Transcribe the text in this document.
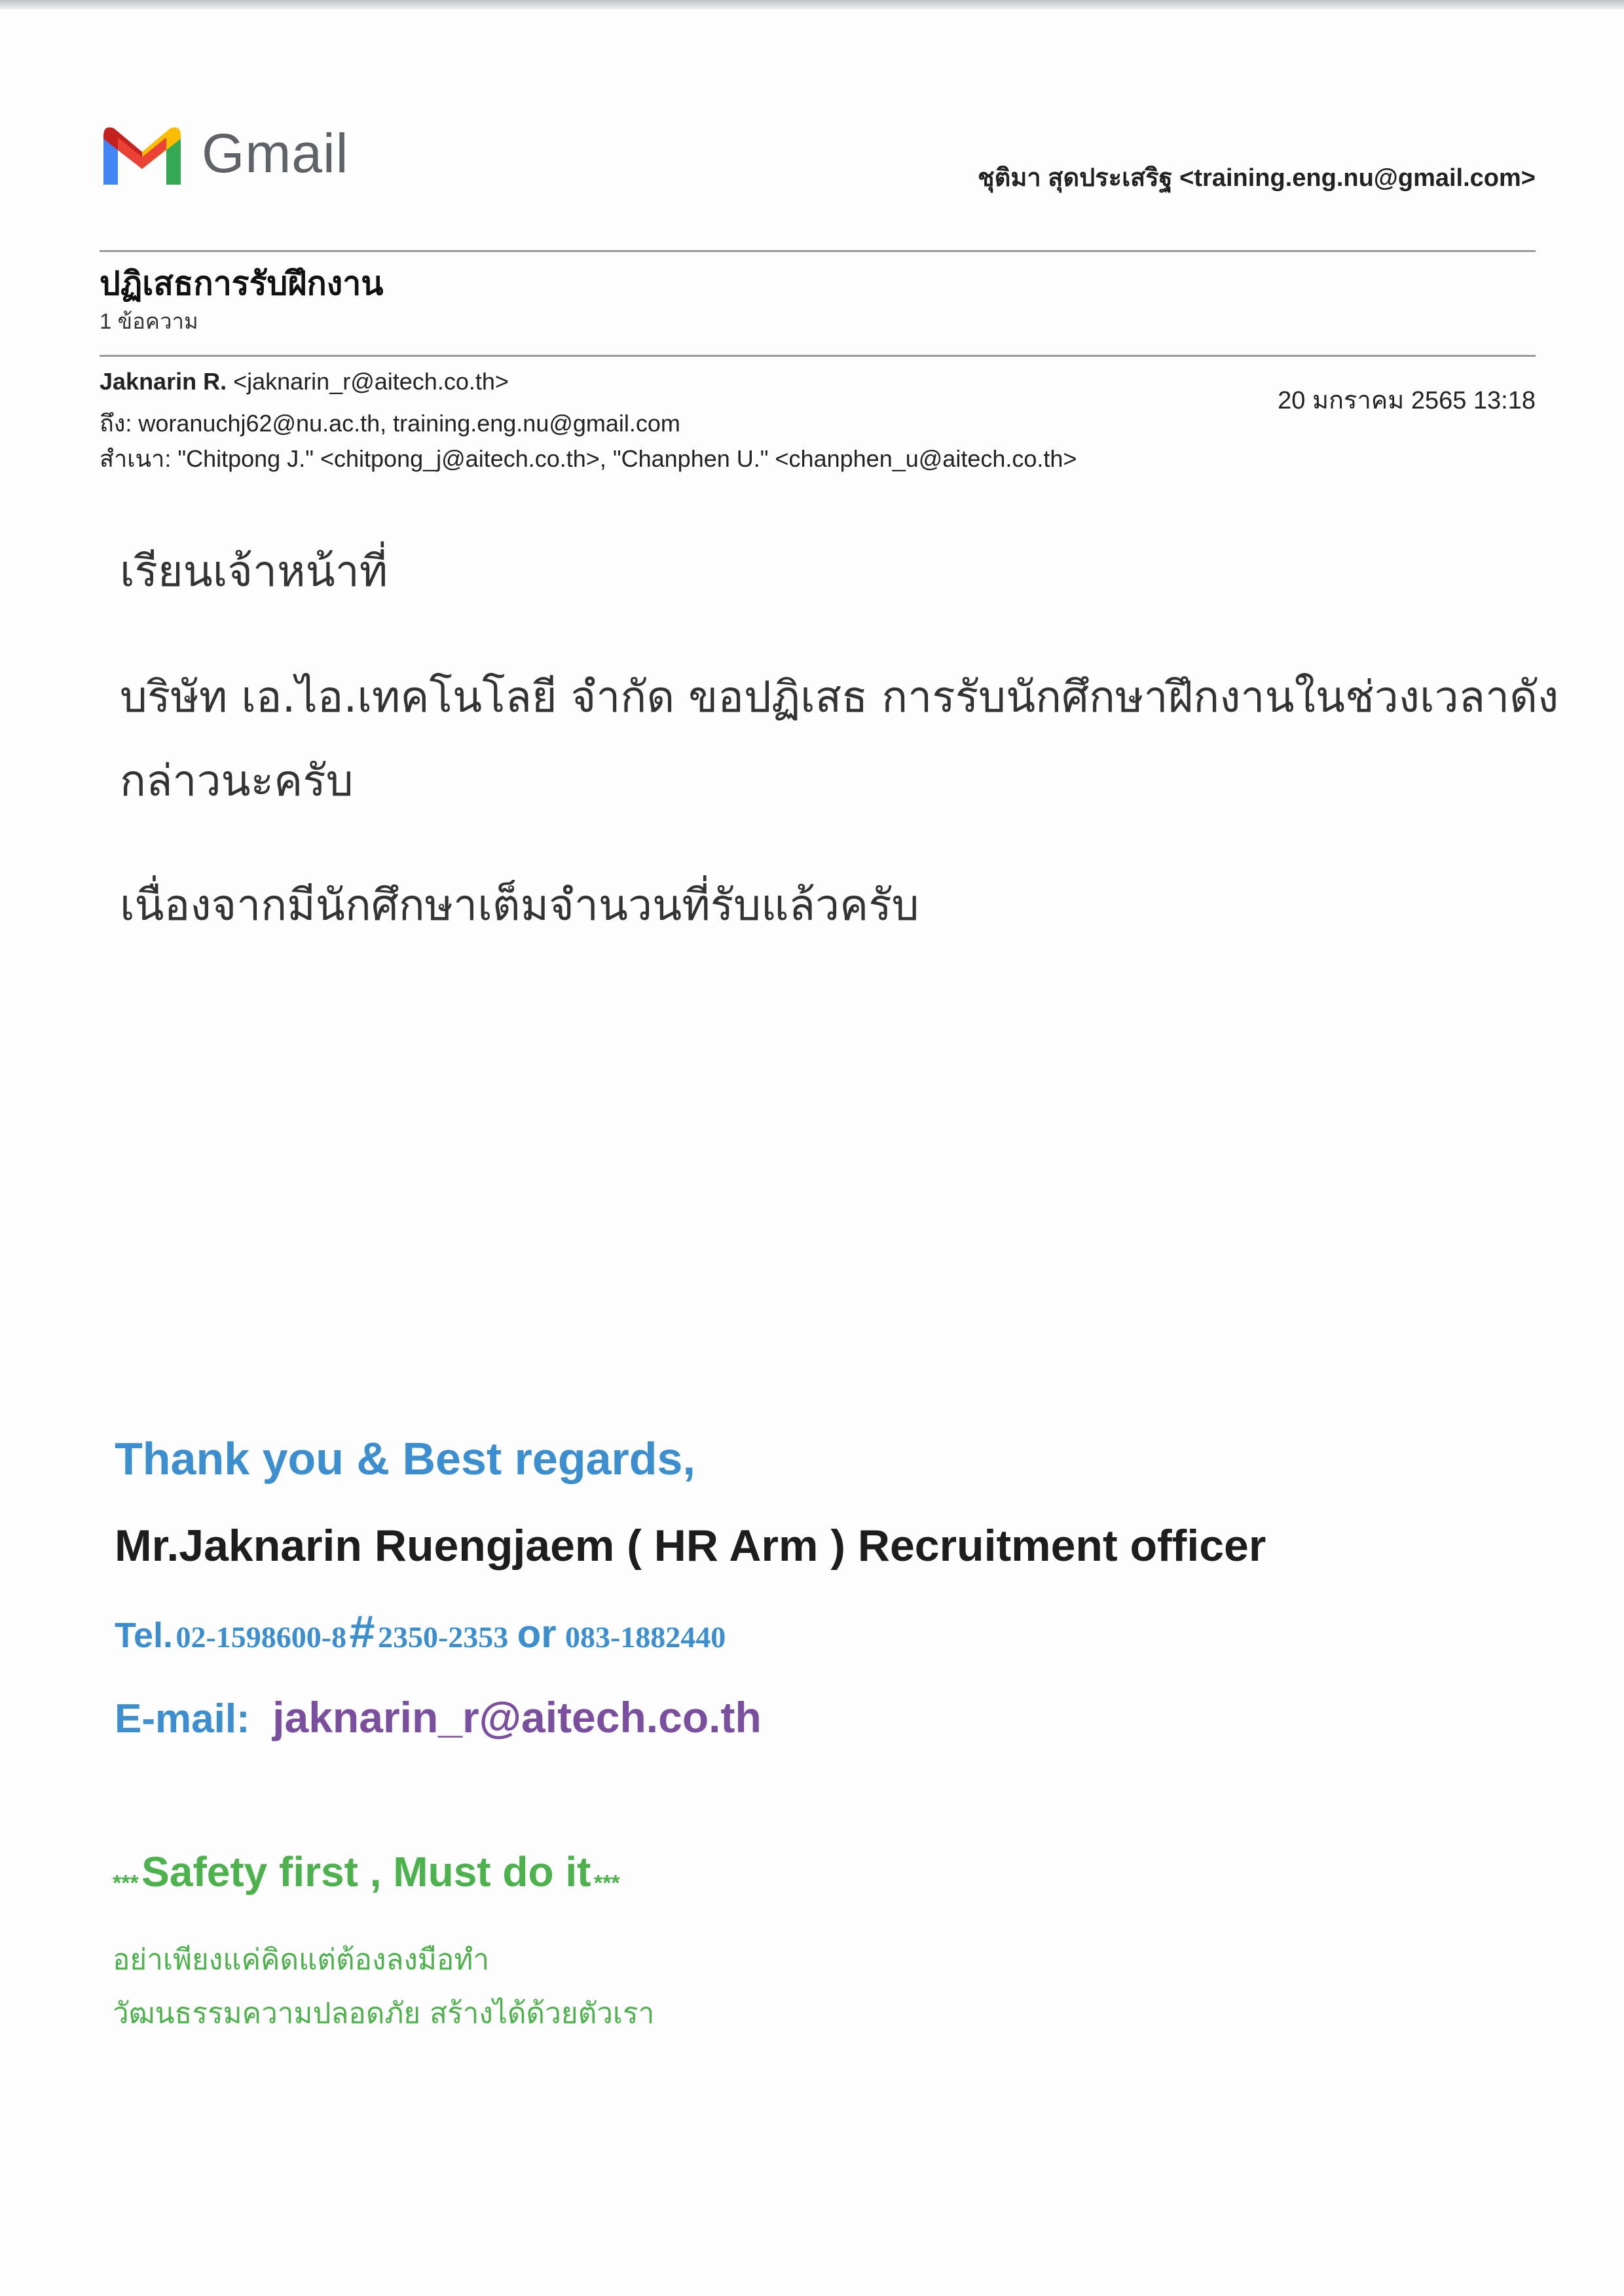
Gmail	ชุติมา สุดประเสริฐ <training.eng.nu@gmail.com>
ปฏิเสธการรับฝึกงาน
1 ข้อความ
Jaknarin R. <jaknarin_r@aitech.co.th>
20 มกราคม 2565 13:18
ถึง: woranuchj62@nu.ac.th, training.eng.nu@gmail.com
สำเนา: "Chitpong J." <chitpong_j@aitech.co.th>, "Chanphen U." <chanphen_u@aitech.co.th>
เรียนเจ้าหน้าที่
บริษัท เอ.ไอ.เทคโนโลยี จำกัด ขอปฏิเสธ การรับนักศึกษาฝึกงานในช่วงเวลาดัง
กล่าวนะครับ
เนื่องจากมีนักศึกษาเต็มจำนวนที่รับแล้วครับ
Thank you & Best regards,
Mr.Jaknarin Ruengjaem ( HR Arm ) Recruitment officer
Tel. 02-1598600-8 # 2350-2353 or 083-1882440
E-mail: jaknarin_r@aitech.co.th
*** Safety first , Must do it ***
อย่าเพียงแค่คิดแต่ต้องลงมือทำ
วัฒนธรรมความปลอดภัย สร้างได้ด้วยตัวเรา
